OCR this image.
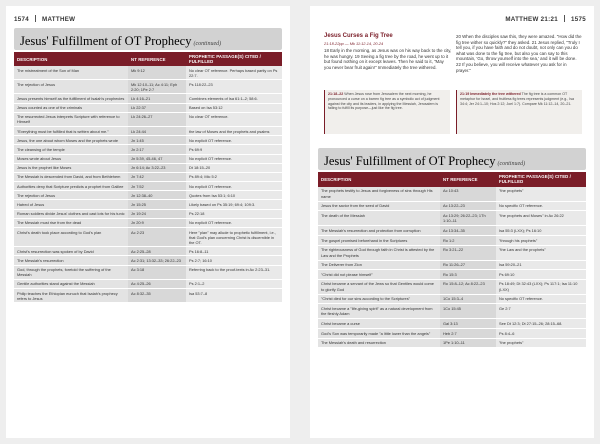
1574 MATTHEW
Jesus' Fulfillment of OT Prophecy (continued)
DESCRIPTION	NT REFERENCE	PROPHETIC PASSAGE(S) CITED / FULFILLED
The mistreatment of the Son of Man	Mk 9:12	No clear OT reference. Perhaps based partly on Ps 22:7.
The rejection of Jesus	Mk 12:10–11; Ac 4:11; Eph 2:20; 1Pe 2:7	Ps 118:22–23
Jesus presents himself as the fulfillment of Isaiah's prophecies	Lk 4:16–21	Combines elements of Isa 61:1–2; 58:6.
Jesus counted as one of the criminals	Lk 22:37	Based on Isa 53:12
The resurrected Jesus interprets Scripture with reference to Himself	Lk 24:26–27	No clear OT reference.
"Everything must be fulfilled that is written about me."	Lk 24:44	the law of Moses and the prophets and psalms
Jesus, the one about whom Moses and the prophets wrote	Jn 1:45	No explicit OT reference.
The cleansing of the temple	Jn 2:17	Ps 69:9
Moses wrote about Jesus	Jn 5:39, 45-46, 47	No explicit OT reference.
Jesus is the prophet like Moses	Jn 6:14; Ac 3:22–23	Dt 18:15–20
The Messiah is descended from David, and from Bethlehem	Jn 7:42	Ps 89:4; Mic 5:2
Authorities deny that Scripture predicts a prophet from Galilee	Jn 7:52	No explicit OT reference.
The rejection of Jesus	Jn 12:38–40	Quotes from Isa 53:1; 6:10
Hatred of Jesus	Jn 15:25	Likely based on Ps 35:19; 69:4; 109:3.
Roman soldiers divide Jesus' clothes and cast lots for his tunic	Jn 19:24	Ps 22:18
The Messiah must rise from the dead	Jn 20:9	No explicit OT reference.
Christ's death took place according to God's plan	Ac 2:23	Here "plan" may allude to prophetic fulfillment, i.e., that God's plan concerning Christ is discernible in the OT.
Christ's resurrection was spoken of by David	Ac 2:25–28	Ps 16:8–11
The Messiah's resurrection	Ac 2:31; 13:32–33; 26:22–23	Ps 2:7; 16:10
God, through the prophets, foretold the suffering of the Messiah	Ac 3:18	Referring back to the proof-texts in Ac 2:23–31.
Gentile authorities stand against the Messiah	Ac 4:25–26	Ps 2:1–2
Philip teaches the Ethiopian eunuch that Isaiah's prophecy refers to Jesus	Ac 8:32–35	Isa 53:7–8
MATTHEW 21:21 1575
Jesus Curses a Fig Tree
21:18-22pp — Mk 11:12-14, 20-24
18 Early in the morning, as Jesus was on his way back to the city, he was hungry. 19 Seeing a fig tree by the road, he went up to it but found nothing on it except leaves. Then he said to it, "May you never bear fruit again!" Immediately the tree withered.
20 When the disciples saw this, they were amazed. "How did the fig tree wither so quickly?" they asked. 21 Jesus replied, "Truly I tell you, if you have faith and do not doubt, not only can you do what was done to the fig tree, but also you can say to this mountain, 'Go, throw yourself into the sea,' and it will be done. 22 If you believe, you will receive whatever you ask for in prayer."
21:18–22 When Jesus rose from Jerusalem the next morning, he pronounced a curse on a barren fig tree as a symbolic act of judgment against the city and its leaders, in applying the Messiah, Jerusalem is failing to fulfill its purpose—just like the fig tree.
21:19 Immediately the tree withered The fig tree is a common OT metaphor for Israel, and fruitless fig trees represents judgment (e.g., Isa 34:4; Jer 24:1–10; Hos 2:12; Joel 1:7). Compare Mk 11:12–14, 20–21.
Jesus' Fulfillment of OT Prophecy (continued)
DESCRIPTION	NT REFERENCE	PROPHETIC PASSAGE(S) CITED / FULFILLED
The prophets testify to Jesus and forgiveness of sins through His name	Ac 10:43	"the prophets"
Jesus the savior from the seed of David	Ac 13:22–23	No specific OT reference.
The death of the Messiah	Ac 13:29; 26:22–23; 1Th 1:10–11	"the prophets and Moses" in Ac 26:22
The Messiah's resurrection and protection from corruption	Ac 13:34–35	Isa 55:3 (LXX); Ps 16:10
The gospel promised beforehand in the Scriptures	Ro 1:2	"through his prophets"
The righteousness of God through faith in Christ is attested by the Law and the Prophets	Ro 3:21–22	"the Law and the prophets"
The Deliverer from Zion	Ro 11:26–27	Isa 59:20–21
"Christ did not please himself"	Ro 15:3	Ps 69:10
Christ became a servant of the Jews so that Gentiles would come to glorify God	Ro 15:8–12; Ac 8:22–23	Ps 18:49; Dt 32:43 (LXX); Ps 117:1; Isa 11:10 (LXX)
"Christ died for our sins according to the Scriptures"	1Co 15:3–4	No specific OT reference.
Christ became a "life-giving spirit" as a natural development from the fleshly Adam	1Co 15:45	Ge 2:7
Christ became a curse	Gal 3:13	See Dt 12:3; Dt 27:15–26; 28:15–68.
God's Son was temporarily made "a little lower than the angels"	Heb 2:7	Ps 8:4–6
The Messiah's death and resurrection	1Pe 1:10–11	"the prophets"
